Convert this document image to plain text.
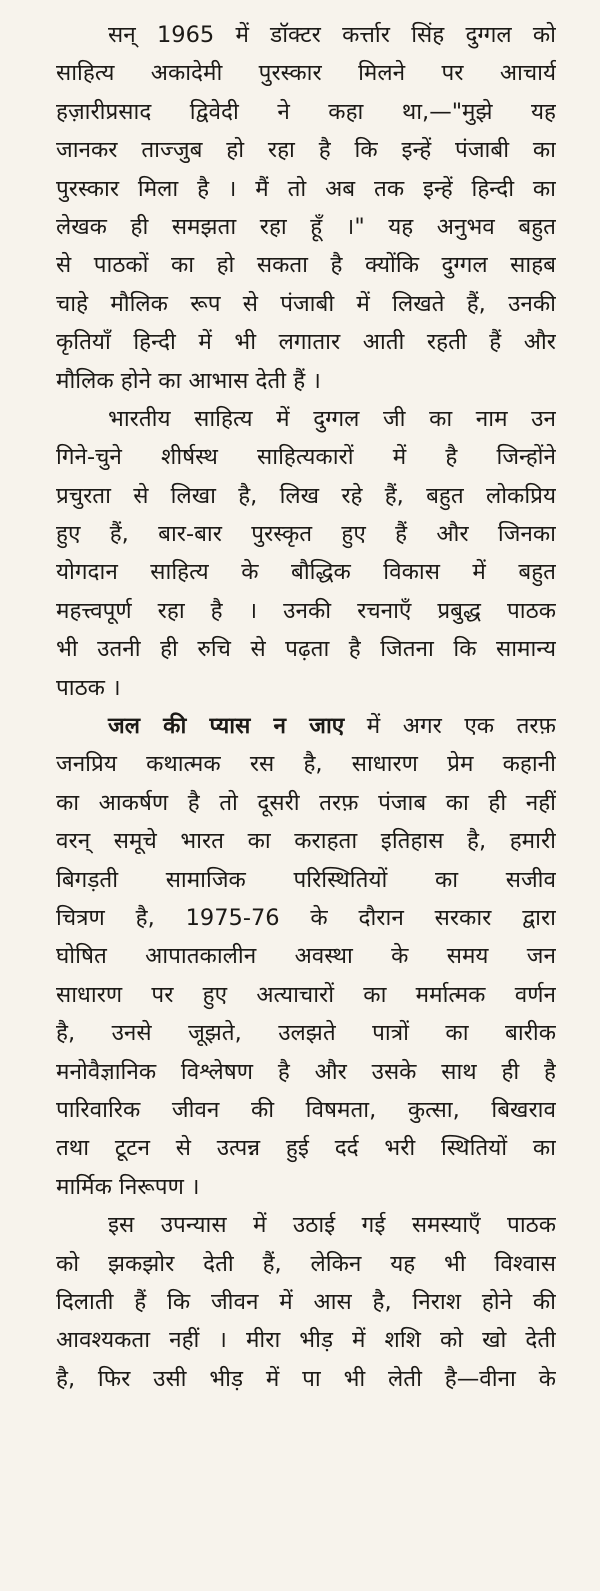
सन् 1965 में डॉक्टर कर्त्तार सिंह दुग्गल को
साहित्य अकादेमी पुरस्कार मिलने पर आचार्य
हज़ारीप्रसाद द्विवेदी ने कहा था,—"मुझे यह
जानकर ताज्जुब हो रहा है कि इन्हें पंजाबी का
पुरस्कार मिला है । मैं तो अब तक इन्हें हिन्दी का
लेखक ही समझता रहा हूँ ।" यह अनुभव बहुत
से पाठकों का हो सकता है क्योंकि दुग्गल साहब
चाहे मौलिक रूप से पंजाबी में लिखते हैं, उनकी
कृतियाँ हिन्दी में भी लगातार आती रहती हैं और
मौलिक होने का आभास देती हैं ।
भारतीय साहित्य में दुग्गल जी का नाम उन
गिने-चुने शीर्षस्थ साहित्यकारों में है जिन्होंने
प्रचुरता से लिखा है, लिख रहे हैं, बहुत लोकप्रिय
हुए हैं, बार-बार पुरस्कृत हुए हैं और जिनका
योगदान साहित्य के बौद्धिक विकास में बहुत
महत्त्वपूर्ण रहा है । उनकी रचनाएँ प्रबुद्ध पाठक
भी उतनी ही रुचि से पढ़ता है जितना कि सामान्य
पाठक ।
जल की प्यास न जाए में अगर एक तरफ़
जनप्रिय कथात्मक रस है, साधारण प्रेम कहानी
का आकर्षण है तो दूसरी तरफ़ पंजाब का ही नहीं
वरन् समूचे भारत का कराहता इतिहास है, हमारी
बिगड़ती सामाजिक परिस्थितियों का सजीव
चित्रण है, 1975-76 के दौरान सरकार द्वारा
घोषित आपातकालीन अवस्था के समय जन
साधारण पर हुए अत्याचारों का मर्मात्मक वर्णन
है, उनसे जूझते, उलझते पात्रों का बारीक
मनोवैज्ञानिक विश्लेषण है और उसके साथ ही है
पारिवारिक जीवन की विषमता, कुत्सा, बिखराव
तथा टूटन से उत्पन्न हुई दर्द भरी स्थितियों का
मार्मिक निरूपण ।
इस उपन्यास में उठाई गई समस्याएँ पाठक
को झकझोर देती हैं, लेकिन यह भी विश्वास
दिलाती हैं कि जीवन में आस है, निराश होने की
आवश्यकता नहीं । मीरा भीड़ में शशि को खो देती
है, फिर उसी भीड़ में पा भी लेती है—वीना के
